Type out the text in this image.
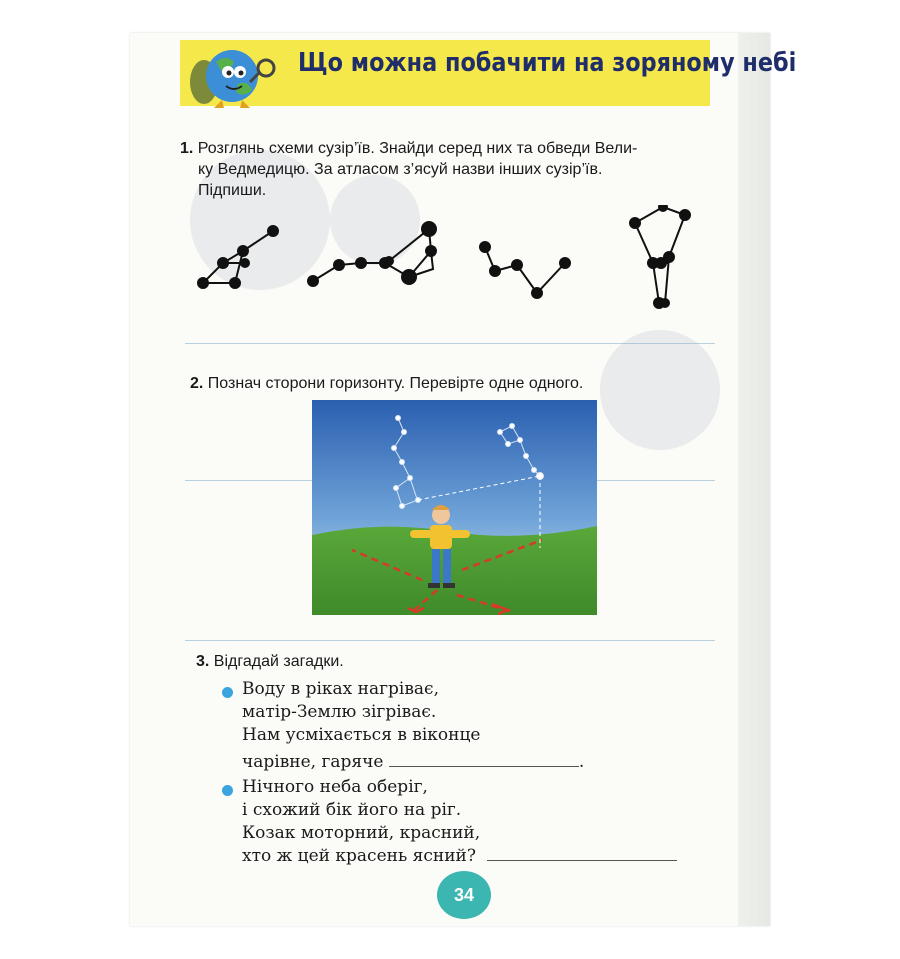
Що можна побачити на зоряному небі
1. Розглянь схеми сузір’їв. Знайди серед них та обведи Вели-
ку Ведмедицю. За атласом з’ясуй назви інших сузір’їв.
Підпиши.
2. Познач сторони горизонту. Перевірте одне одного.
3. Відгадай загадки.
Воду в ріках нагріває,
матір-Землю зігріває.
Нам усміхається в віконце
чарівне, гаряче	.
Нічного неба оберіг,
і схожий бік його на ріг.
Козак моторний, красний,
хто ж цей красень ясний?
34
